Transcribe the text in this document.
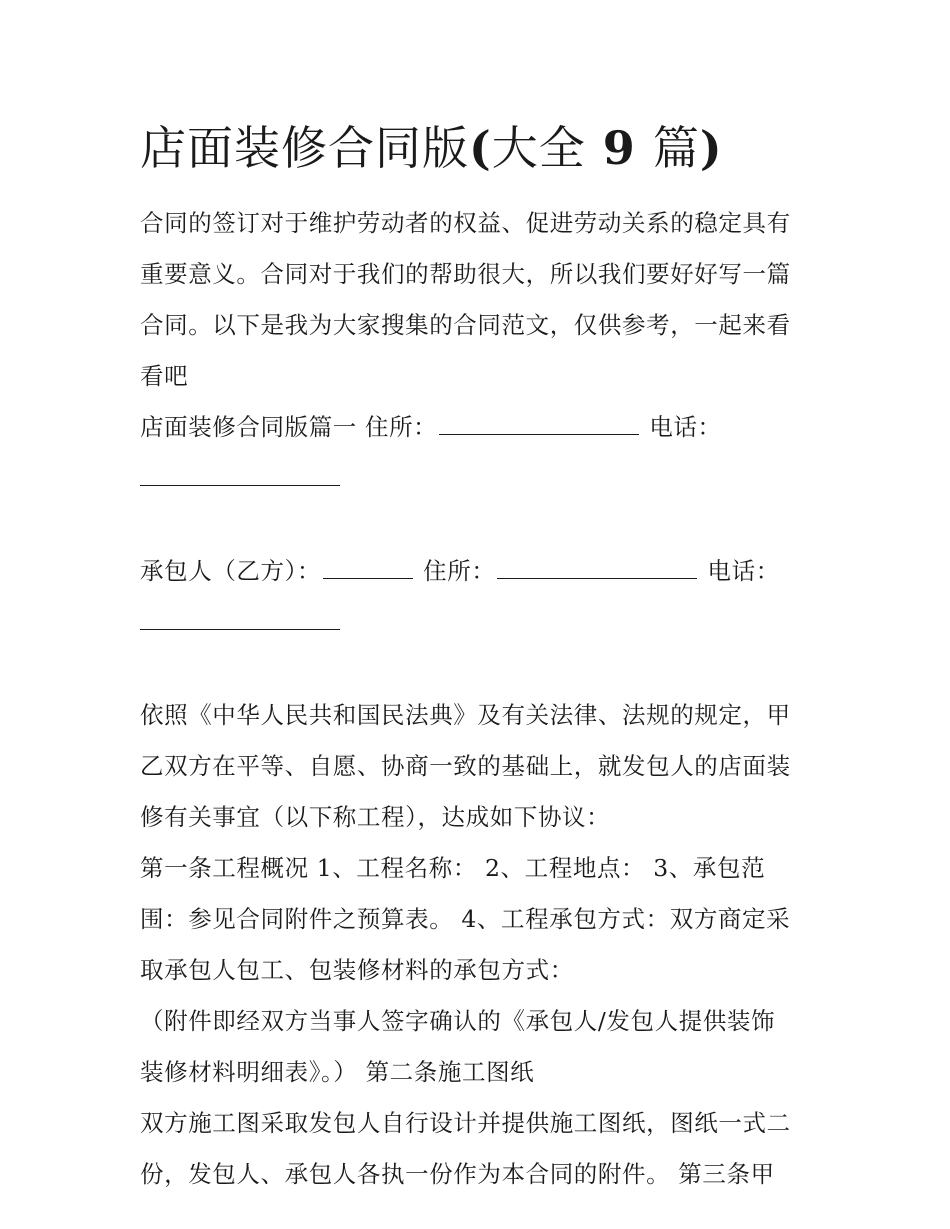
店面装修合同版(大全 9 篇)
合同的签订对于维护劳动者的权益、促进劳动关系的稳定具有
重要意义。合同对于我们的帮助很大，所以我们要好好写一篇
合同。以下是我为大家搜集的合同范文，仅供参考，一起来看
看吧
店面装修合同版篇一 住所：	电话：
承包人（乙方）：	住所：	电话：
依照《中华人民共和国民法典》及有关法律、法规的规定，甲
乙双方在平等、自愿、协商一致的基础上，就发包人的店面装
修有关事宜（以下称工程），达成如下协议：
第一条工程概况 1、工程名称： 2、工程地点： 3、承包范
围：参见合同附件之预算表。 4、工程承包方式：双方商定采
取承包人包工、包装修材料的承包方式：
（附件即经双方当事人签字确认的《承包人/发包人提供装饰
装修材料明细表》。） 第二条施工图纸
双方施工图采取发包人自行设计并提供施工图纸，图纸一式二
份，发包人、承包人各执一份作为本合同的附件。 第三条甲
